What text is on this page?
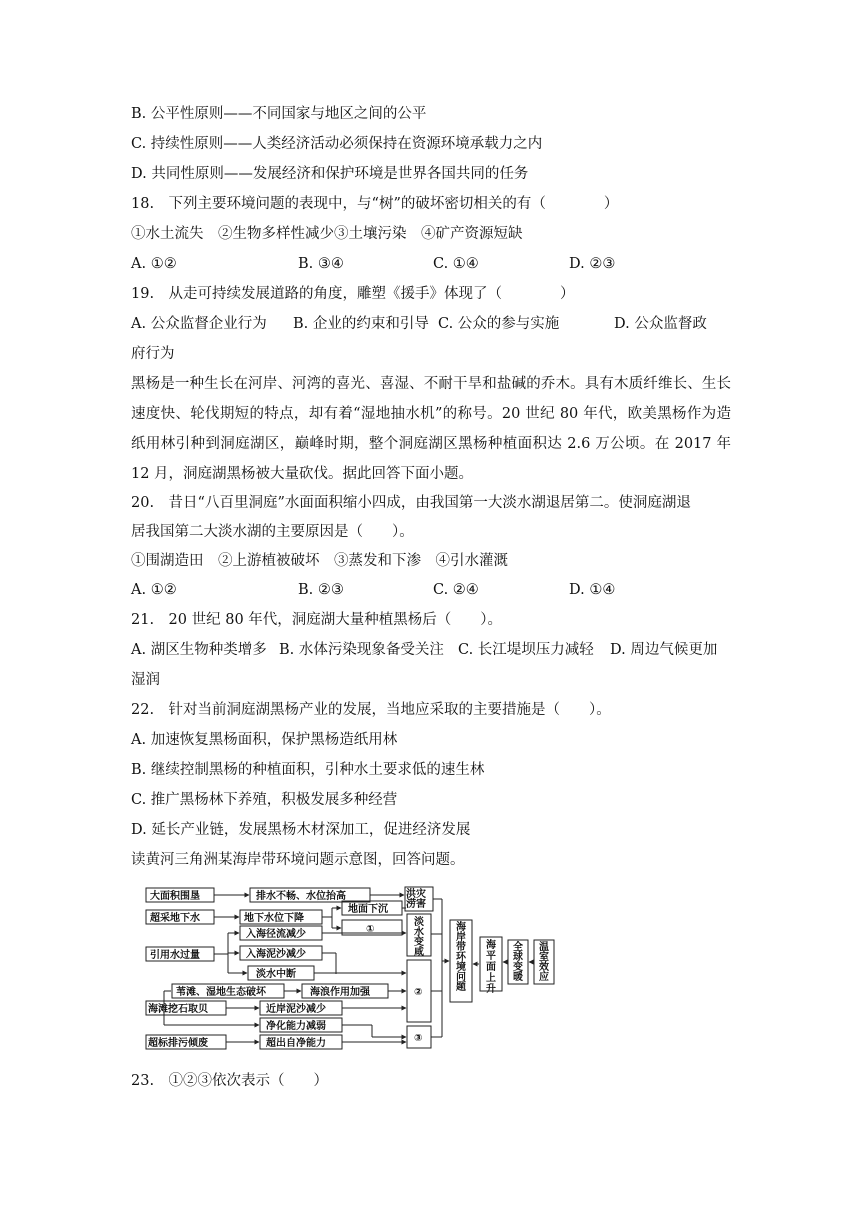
B. 公平性原则——不同国家与地区之间的公平
C. 持续性原则——人类经济活动必须保持在资源环境承载力之内
D. 共同性原则——发展经济和保护环境是世界各国共同的任务
18.　下列主要环境问题的表现中，与“树”的破坏密切相关的有（　　　　）
①水土流失　②生物多样性减少③土壤污染　④矿产资源短缺
A. ①②	B. ③④	C. ①④	D. ②③
19.　从走可持续发展道路的角度，雕塑《援手》体现了（　　　　）
A. 公众监督企业行为 B. 企业的约束和引导 C. 公众的参与实施	D. 公众监督政
府行为
黑杨是一种生长在河岸、河湾的喜光、喜湿、不耐干旱和盐碱的乔木。具有木质纤维长、生长速度快、轮伐期短的特点，却有着“湿地抽水机”的称号。20 世纪 80 年代，欧美黑杨作为造纸用林引种到洞庭湖区，巅峰时期，整个洞庭湖区黑杨种植面积达 2.6 万公顷。在 2017 年 12 月，洞庭湖黑杨被大量砍伐。据此回答下面小题。
20.　昔日“八百里洞庭”水面面积缩小四成，由我国第一大淡水湖退居第二。使洞庭湖退
居我国第二大淡水湖的主要原因是（　　）。
①围湖造田　②上游植被破坏　③蒸发和下渗　④引水灌溉
A. ①②	B. ②③	C. ②④	D. ①④
21.　20 世纪 80 年代，洞庭湖大量种植黑杨后（　　）。
A. 湖区生物种类增多 B. 水体污染现象备受关注 C. 长江堤坝压力减轻 D. 周边气候更加
湿润
22.　针对当前洞庭湖黑杨产业的发展，当地应采取的主要措施是（　　）。
A. 加速恢复黑杨面积，保护黑杨造纸用林
B. 继续控制黑杨的种植面积，引种水土要求低的速生林
C. 推广黑杨林下养殖，积极发展多种经营
D. 延长产业链，发展黑杨木材深加工，促进经济发展
读黄河三角洲某海岸带环境问题示意图，回答问题。
大面积围垦
超采地下水
引用水过量
海滩挖石取贝
超标排污倾废
排水不畅、水位抬高
地下水位下降
地面下沉
①
入海径流减少
入海泥沙减少
淡水中断
苇滩、湿地生态破坏	海浪作用加强
近岸泥沙减少
净化能力减弱
超出自净能力
②
③
洪涝灾害
淡水变咸
海岸带环境问题
海平面上升
全球变暖
温室效应
23.　①②③依次表示（　　）
